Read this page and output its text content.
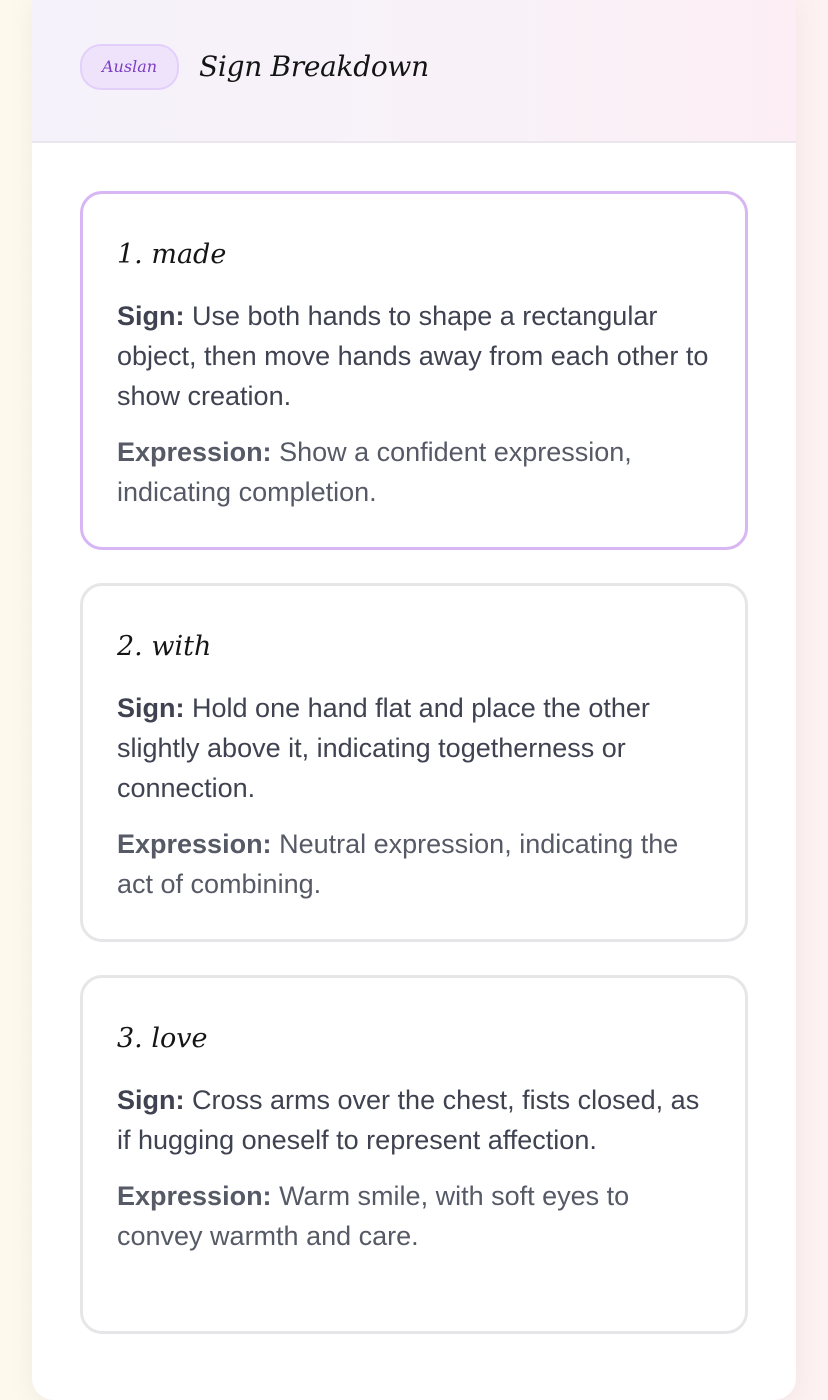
Auslan	Sign Breakdown
1. made

Sign: Use both hands to shape a rectangular object, then move hands away from each other to show creation.

Expression: Show a confident expression, indicating completion.

2. with

Sign: Hold one hand flat and place the other slightly above it, indicating togetherness or connection.

Expression: Neutral expression, indicating the act of combining.

3. love

Sign: Cross arms over the chest, fists closed, as if hugging oneself to represent affection.

Expression: Warm smile, with soft eyes to convey warmth and care.
